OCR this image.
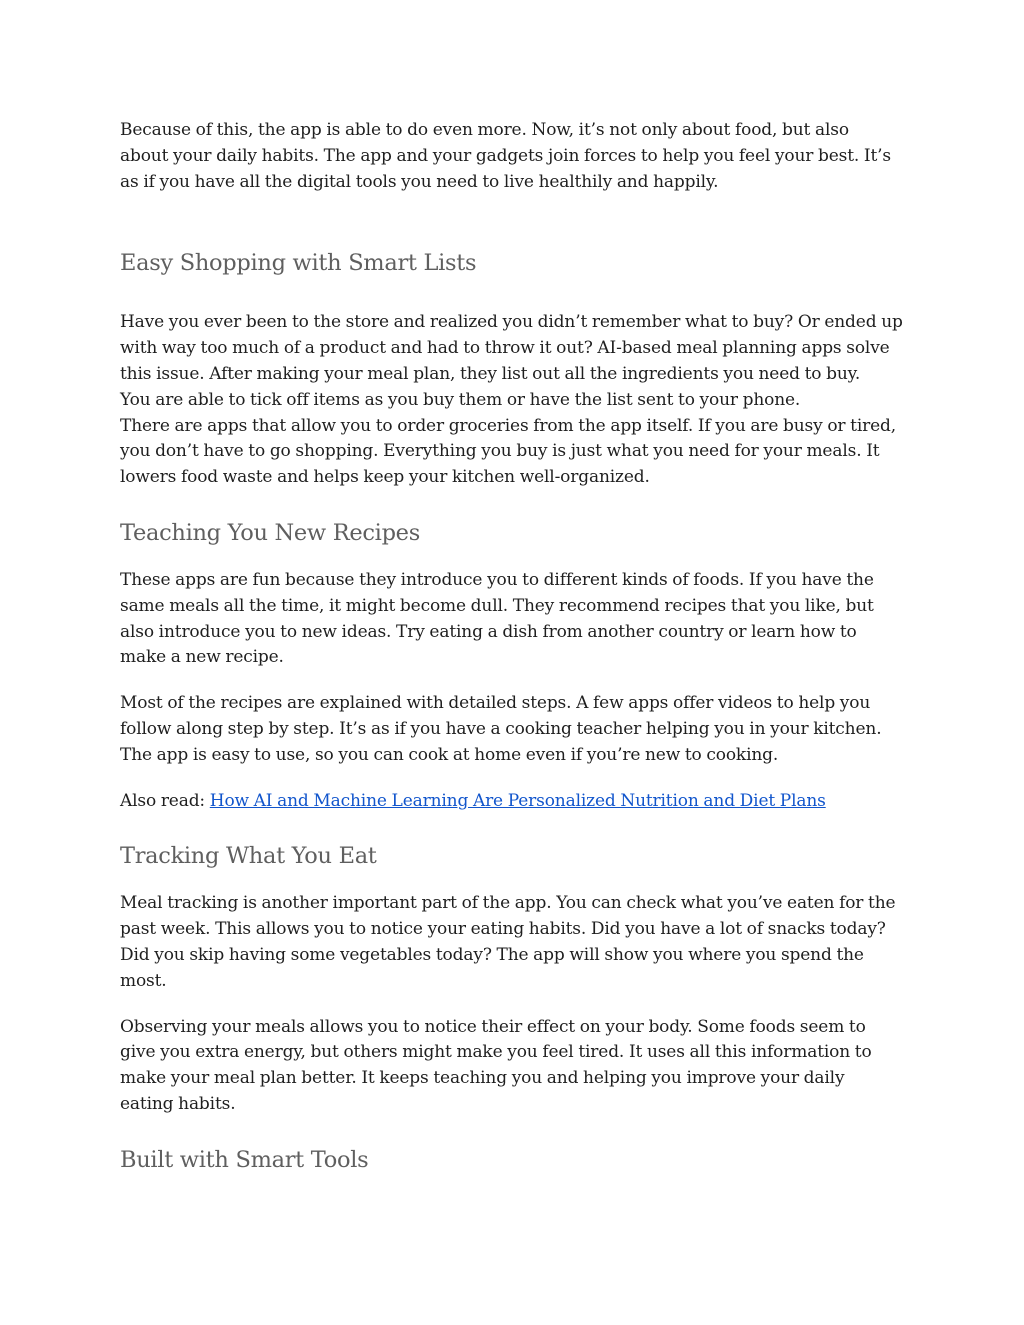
Because of this, the app is able to do even more. Now, it’s not only about food, but also
about your daily habits. The app and your gadgets join forces to help you feel your best. It’s
as if you have all the digital tools you need to live healthily and happily.

Easy Shopping with Smart Lists

Have you ever been to the store and realized you didn’t remember what to buy? Or ended up
with way too much of a product and had to throw it out? AI-based meal planning apps solve
this issue. After making your meal plan, they list out all the ingredients you need to buy.
You are able to tick off items as you buy them or have the list sent to your phone.

There are apps that allow you to order groceries from the app itself. If you are busy or tired,
you don’t have to go shopping. Everything you buy is just what you need for your meals. It
lowers food waste and helps keep your kitchen well-organized.

Teaching You New Recipes

These apps are fun because they introduce you to different kinds of foods. If you have the
same meals all the time, it might become dull. They recommend recipes that you like, but
also introduce you to new ideas. Try eating a dish from another country or learn how to
make a new recipe.

Most of the recipes are explained with detailed steps. A few apps offer videos to help you
follow along step by step. It’s as if you have a cooking teacher helping you in your kitchen.
The app is easy to use, so you can cook at home even if you’re new to cooking.

Also read: How AI and Machine Learning Are Personalized Nutrition and Diet Plans

Tracking What You Eat

Meal tracking is another important part of the app. You can check what you’ve eaten for the
past week. This allows you to notice your eating habits. Did you have a lot of snacks today?
Did you skip having some vegetables today? The app will show you where you spend the
most.

Observing your meals allows you to notice their effect on your body. Some foods seem to
give you extra energy, but others might make you feel tired. It uses all this information to
make your meal plan better. It keeps teaching you and helping you improve your daily
eating habits.

Built with Smart Tools
